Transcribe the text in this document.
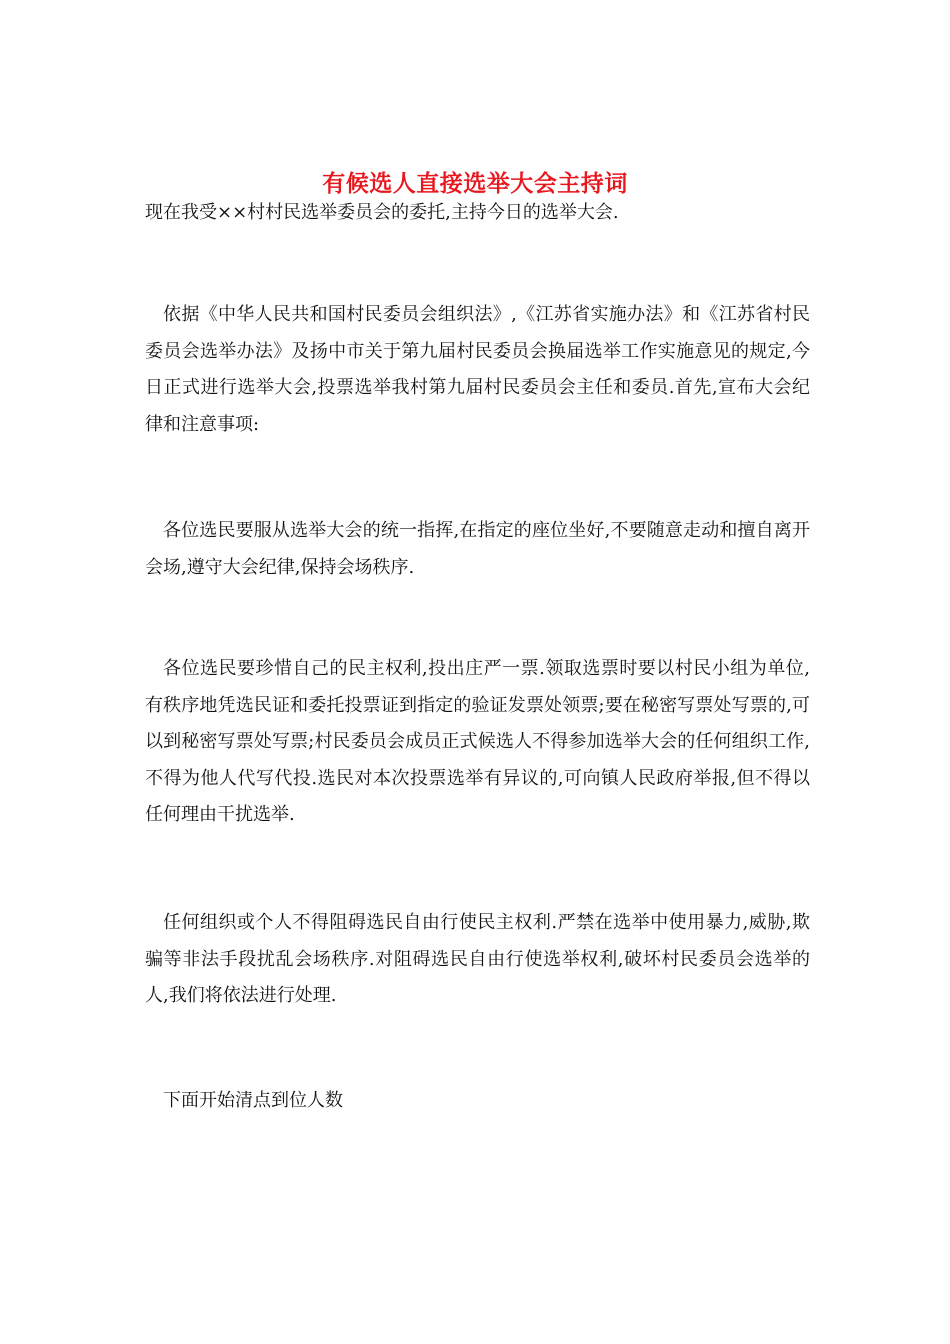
有候选人直接选举大会主持词

现在我受××村村民选举委员会的委托,主持今日的选举大会.

依据《中华人民共和国村民委员会组织法》,《江苏省实施办法》和《江苏省村民委员会选举办法》及扬中市关于第九届村民委员会换届选举工作实施意见的规定,今日正式进行选举大会,投票选举我村第九届村民委员会主任和委员.首先,宣布大会纪律和注意事项:

各位选民要服从选举大会的统一指挥,在指定的座位坐好,不要随意走动和擅自离开会场,遵守大会纪律,保持会场秩序.

各位选民要珍惜自己的民主权利,投出庄严一票.领取选票时要以村民小组为单位,有秩序地凭选民证和委托投票证到指定的验证发票处领票;要在秘密写票处写票的,可以到秘密写票处写票;村民委员会成员正式候选人不得参加选举大会的任何组织工作,不得为他人代写代投.选民对本次投票选举有异议的,可向镇人民政府举报,但不得以任何理由干扰选举.

任何组织或个人不得阻碍选民自由行使民主权利.严禁在选举中使用暴力,威胁,欺骗等非法手段扰乱会场秩序.对阻碍选民自由行使选举权利,破坏村民委员会选举的人,我们将依法进行处理.

下面开始清点到位人数
